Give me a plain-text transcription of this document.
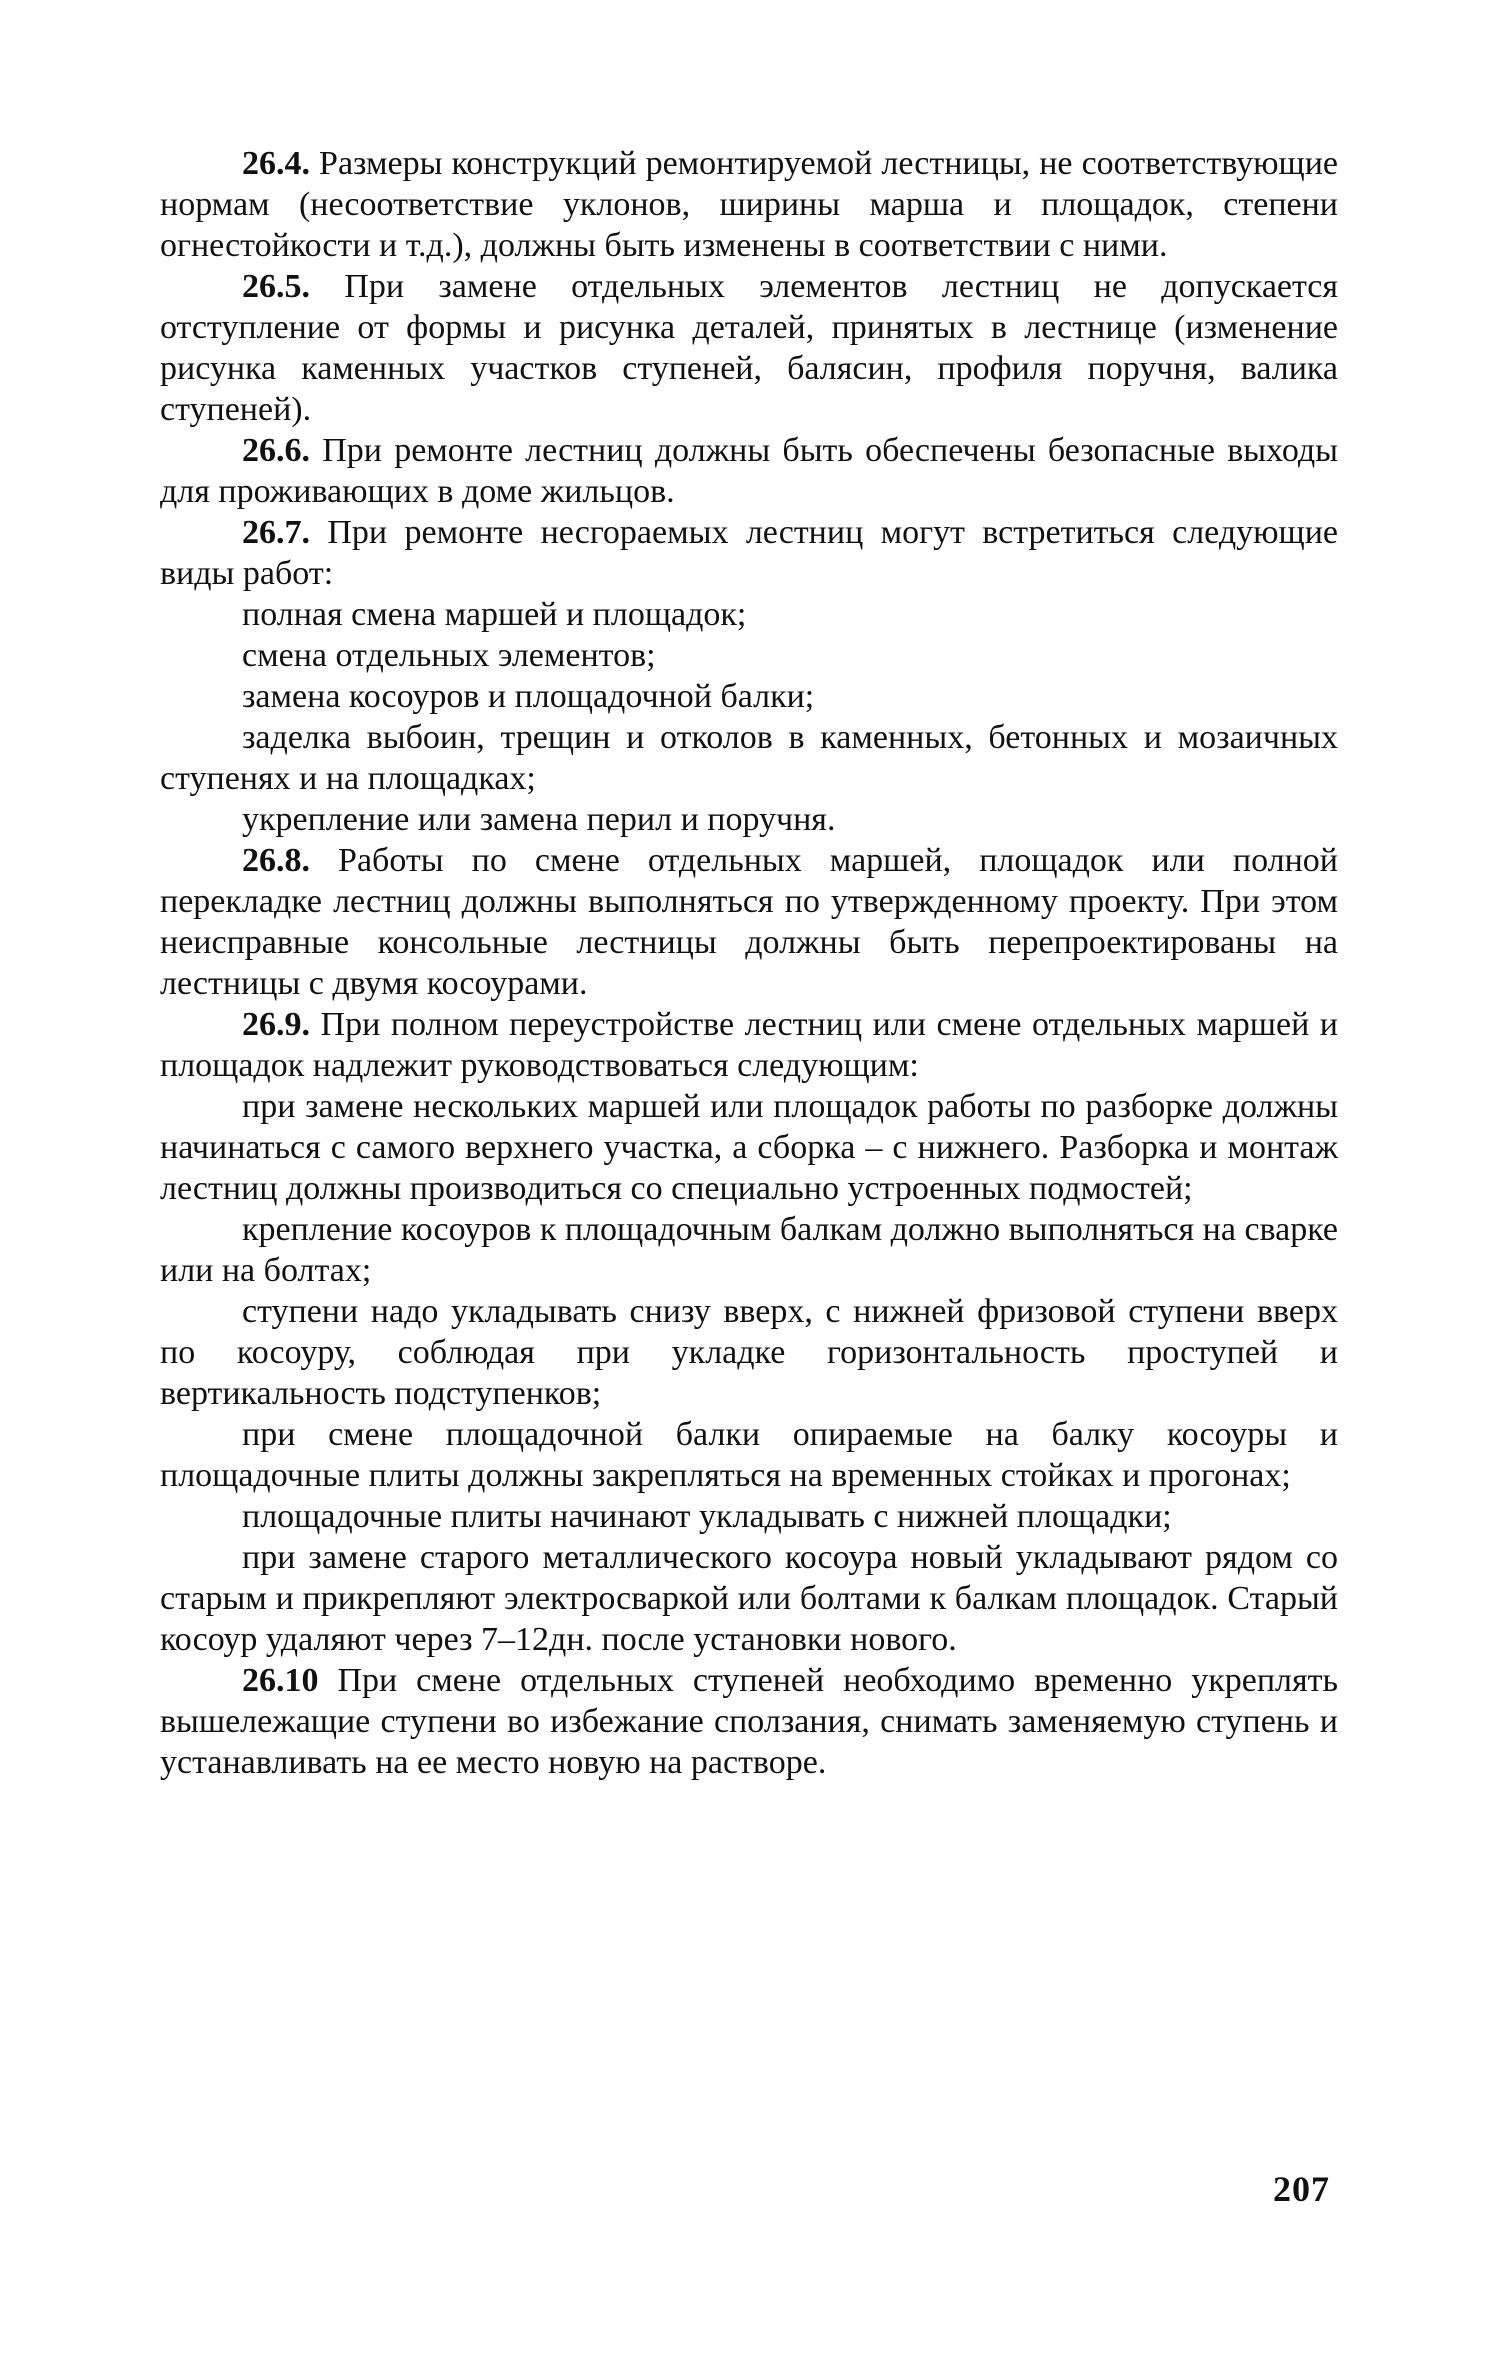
26.4. Размеры конструкций ремонтируемой лестницы, не соответствующие нормам (несоответствие уклонов, ширины марша и площадок, степени огнестойкости и т.д.), должны быть изменены в соответствии с ними.

26.5. При замене отдельных элементов лестниц не допускается отступление от формы и рисунка деталей, принятых в лестнице (изменение рисунка каменных участков ступеней, балясин, профиля поручня, валика ступеней).

26.6. При ремонте лестниц должны быть обеспечены безопасные выходы для проживающих в доме жильцов.

26.7. При ремонте несгораемых лестниц могут встретиться следующие виды работ:

полная смена маршей и площадок;

смена отдельных элементов;

замена косоуров и площадочной балки;

заделка выбоин, трещин и отколов в каменных, бетонных и мозаичных ступенях и на площадках;

укрепление или замена перил и поручня.

26.8. Работы по смене отдельных маршей, площадок или полной перекладке лестниц должны выполняться по утвержденному проекту. При этом неисправные консольные лестницы должны быть перепроектированы на лестницы с двумя косоурами.

26.9. При полном переустройстве лестниц или смене отдельных маршей и площадок надлежит руководствоваться следующим:

при замене нескольких маршей или площадок работы по разборке должны начинаться с самого верхнего участка, а сборка – с нижнего. Разборка и монтаж лестниц должны производиться со специально устроенных подмостей;

крепление косоуров к площадочным балкам должно выполняться на сварке или на болтах;

ступени надо укладывать снизу вверх, с нижней фризовой ступени вверх по косоуру, соблюдая при укладке горизонтальность проступей и вертикальность подступенков;

при смене площадочной балки опираемые на балку косоуры и площадочные плиты должны закрепляться на временных стойках и прогонах;

площадочные плиты начинают укладывать с нижней площадки;

при замене старого металлического косоура новый укладывают рядом со старым и прикрепляют электросваркой или болтами к балкам площадок. Старый косоур удаляют через 7–12дн. после установки нового.

26.10 При смене отдельных ступеней необходимо временно укреплять вышележащие ступени во избежание сползания, снимать заменяемую ступень и устанавливать на ее место новую на растворе.

207
